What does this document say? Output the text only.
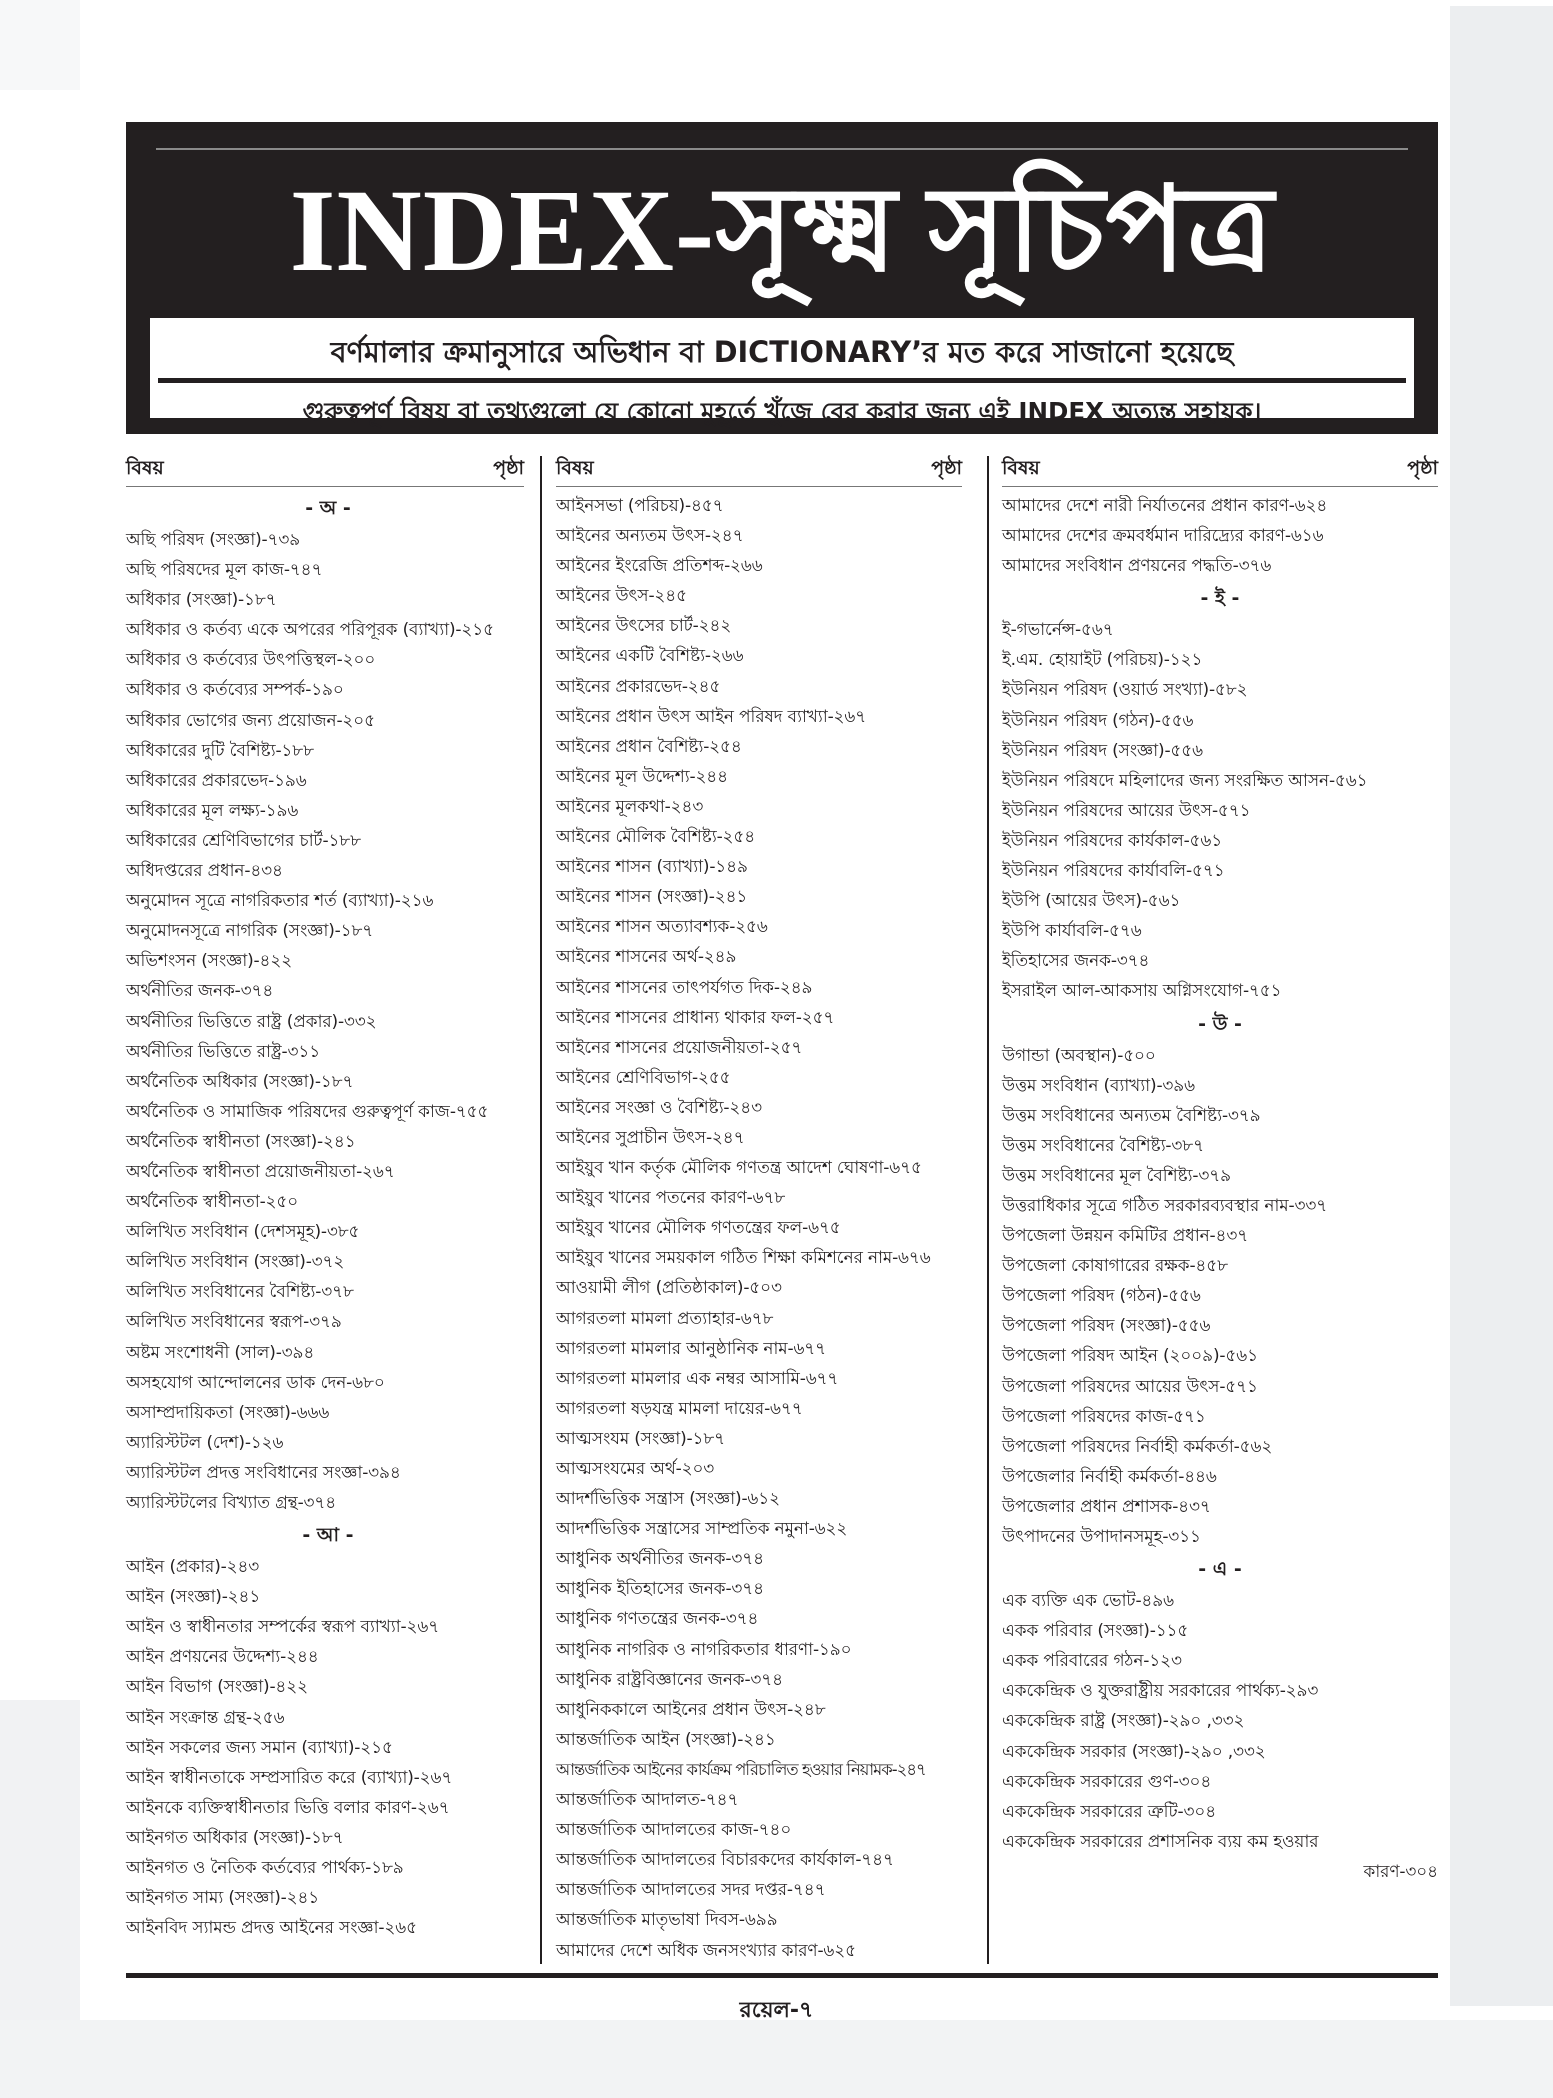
INDEX-সূক্ষ্ম সূচিপত্র
বর্ণমালার ক্রমানুসারে অভিধান বা DICTIONARY’র মত করে সাজানো হয়েছে
গুরুত্বপূর্ণ বিষয় বা তথ্যগুলো যে কোনো মুহূর্তে খুঁজে বের করার জন্য এই INDEX অত্যন্ত সহায়ক।
বিষয়	পৃষ্ঠা
- অ -
অছি পরিষদ (সংজ্ঞা)-৭৩৯
অছি পরিষদের মূল কাজ-৭৪৭
অধিকার (সংজ্ঞা)-১৮৭
অধিকার ও কর্তব্য একে অপরের পরিপূরক (ব্যাখ্যা)-২১৫
অধিকার ও কর্তব্যের উৎপত্তিস্থল-২০০
অধিকার ও কর্তব্যের সম্পর্ক-১৯০
অধিকার ভোগের জন্য প্রয়োজন-২০৫
অধিকারের দুটি বৈশিষ্ট্য-১৮৮
অধিকারের প্রকারভেদ-১৯৬
অধিকারের মূল লক্ষ্য-১৯৬
অধিকারের শ্রেণিবিভাগের চার্ট-১৮৮
অধিদপ্তরের প্রধান-৪৩৪
অনুমোদন সূত্রে নাগরিকতার শর্ত (ব্যাখ্যা)-২১৬
অনুমোদনসূত্রে নাগরিক (সংজ্ঞা)-১৮৭
অভিশংসন (সংজ্ঞা)-৪২২
অর্থনীতির জনক-৩৭৪
অর্থনীতির ভিত্তিতে রাষ্ট্র (প্রকার)-৩৩২
অর্থনীতির ভিত্তিতে রাষ্ট্র-৩১১
অর্থনৈতিক অধিকার (সংজ্ঞা)-১৮৭
অর্থনৈতিক ও সামাজিক পরিষদের গুরুত্বপূর্ণ কাজ-৭৫৫
অর্থনৈতিক স্বাধীনতা (সংজ্ঞা)-২৪১
অর্থনৈতিক স্বাধীনতা প্রয়োজনীয়তা-২৬৭
অর্থনৈতিক স্বাধীনতা-২৫০
অলিখিত সংবিধান (দেশসমূহ)-৩৮৫
অলিখিত সংবিধান (সংজ্ঞা)-৩৭২
অলিখিত সংবিধানের বৈশিষ্ট্য-৩৭৮
অলিখিত সংবিধানের স্বরূপ-৩৭৯
অষ্টম সংশোধনী (সাল)-৩৯৪
অসহযোগ আন্দোলনের ডাক দেন-৬৮০
অসাম্প্রদায়িকতা (সংজ্ঞা)-৬৬৬
অ্যারিস্টটল (দেশ)-১২৬
অ্যারিস্টটল প্রদত্ত সংবিধানের সংজ্ঞা-৩৯৪
অ্যারিস্টটলের বিখ্যাত গ্রন্থ-৩৭৪
- আ -
আইন (প্রকার)-২৪৩
আইন (সংজ্ঞা)-২৪১
আইন ও স্বাধীনতার সম্পর্কের স্বরূপ ব্যাখ্যা-২৬৭
আইন প্রণয়নের উদ্দেশ্য-২৪৪
আইন বিভাগ (সংজ্ঞা)-৪২২
আইন সংক্রান্ত গ্রন্থ-২৫৬
আইন সকলের জন্য সমান (ব্যাখ্যা)-২১৫
আইন স্বাধীনতাকে সম্প্রসারিত করে (ব্যাখ্যা)-২৬৭
আইনকে ব্যক্তিস্বাধীনতার ভিত্তি বলার কারণ-২৬৭
আইনগত অধিকার (সংজ্ঞা)-১৮৭
আইনগত ও নৈতিক কর্তব্যের পার্থক্য-১৮৯
আইনগত সাম্য (সংজ্ঞা)-২৪১
আইনবিদ স্যামন্ড প্রদত্ত আইনের সংজ্ঞা-২৬৫
বিষয়	পৃষ্ঠা
আইনসভা (পরিচয়)-৪৫৭
আইনের অন্যতম উৎস-২৪৭
আইনের ইংরেজি প্রতিশব্দ-২৬৬
আইনের উৎস-২৪৫
আইনের উৎসের চার্ট-২৪২
আইনের একটি বৈশিষ্ট্য-২৬৬
আইনের প্রকারভেদ-২৪৫
আইনের প্রধান উৎস আইন পরিষদ ব্যাখ্যা-২৬৭
আইনের প্রধান বৈশিষ্ট্য-২৫৪
আইনের মূল উদ্দেশ্য-২৪৪
আইনের মূলকথা-২৪৩
আইনের মৌলিক বৈশিষ্ট্য-২৫৪
আইনের শাসন (ব্যাখ্যা)-১৪৯
আইনের শাসন (সংজ্ঞা)-২৪১
আইনের শাসন অত্যাবশ্যক-২৫৬
আইনের শাসনের অর্থ-২৪৯
আইনের শাসনের তাৎপর্যগত দিক-২৪৯
আইনের শাসনের প্রাধান্য থাকার ফল-২৫৭
আইনের শাসনের প্রয়োজনীয়তা-২৫৭
আইনের শ্রেণিবিভাগ-২৫৫
আইনের সংজ্ঞা ও বৈশিষ্ট্য-২৪৩
আইনের সুপ্রাচীন উৎস-২৪৭
আইয়ুব খান কর্তৃক মৌলিক গণতন্ত্র আদেশ ঘোষণা-৬৭৫
আইয়ুব খানের পতনের কারণ-৬৭৮
আইয়ুব খানের মৌলিক গণতন্ত্রের ফল-৬৭৫
আইয়ুব খানের সময়কাল গঠিত শিক্ষা কমিশনের নাম-৬৭৬
আওয়ামী লীগ (প্রতিষ্ঠাকাল)-৫০৩
আগরতলা মামলা প্রত্যাহার-৬৭৮
আগরতলা মামলার আনুষ্ঠানিক নাম-৬৭৭
আগরতলা মামলার এক নম্বর আসামি-৬৭৭
আগরতলা ষড়যন্ত্র মামলা দায়ের-৬৭৭
আত্মসংযম (সংজ্ঞা)-১৮৭
আত্মসংযমের অর্থ-২০৩
আদর্শভিত্তিক সন্ত্রাস (সংজ্ঞা)-৬১২
আদর্শভিত্তিক সন্ত্রাসের সাম্প্রতিক নমুনা-৬২২
আধুনিক অর্থনীতির জনক-৩৭৪
আধুনিক ইতিহাসের জনক-৩৭৪
আধুনিক গণতন্ত্রের জনক-৩৭৪
আধুনিক নাগরিক ও নাগরিকতার ধারণা-১৯০
আধুনিক রাষ্ট্রবিজ্ঞানের জনক-৩৭৪
আধুনিককালে আইনের প্রধান উৎস-২৪৮
আন্তর্জাতিক আইন (সংজ্ঞা)-২৪১
আন্তর্জাতিক আইনের কার্যক্রম পরিচালিত হওয়ার নিয়ামক-২৪৭
আন্তর্জাতিক আদালত-৭৪৭
আন্তর্জাতিক আদালতের কাজ-৭৪০
আন্তর্জাতিক আদালতের বিচারকদের কার্যকাল-৭৪৭
আন্তর্জাতিক আদালতের সদর দপ্তর-৭৪৭
আন্তর্জাতিক মাতৃভাষা দিবস-৬৯৯
আমাদের দেশে অধিক জনসংখ্যার কারণ-৬২৫
বিষয়	পৃষ্ঠা
আমাদের দেশে নারী নির্যাতনের প্রধান কারণ-৬২৪
আমাদের দেশের ক্রমবর্ধমান দারিদ্র্যের কারণ-৬১৬
আমাদের সংবিধান প্রণয়নের পদ্ধতি-৩৭৬
- ই -
ই-গভার্নেন্স-৫৬৭
ই.এম. হোয়াইট (পরিচয়)-১২১
ইউনিয়ন পরিষদ (ওয়ার্ড সংখ্যা)-৫৮২
ইউনিয়ন পরিষদ (গঠন)-৫৫৬
ইউনিয়ন পরিষদ (সংজ্ঞা)-৫৫৬
ইউনিয়ন পরিষদে মহিলাদের জন্য সংরক্ষিত আসন-৫৬১
ইউনিয়ন পরিষদের আয়ের উৎস-৫৭১
ইউনিয়ন পরিষদের কার্যকাল-৫৬১
ইউনিয়ন পরিষদের কার্যাবলি-৫৭১
ইউপি (আয়ের উৎস)-৫৬১
ইউপি কার্যাবলি-৫৭৬
ইতিহাসের জনক-৩৭৪
ইসরাইল আল-আকসায় অগ্নিসংযোগ-৭৫১
- উ -
উগান্ডা (অবস্থান)-৫০০
উত্তম সংবিধান (ব্যাখ্যা)-৩৯৬
উত্তম সংবিধানের অন্যতম বৈশিষ্ট্য-৩৭৯
উত্তম সংবিধানের বৈশিষ্ট্য-৩৮৭
উত্তম সংবিধানের মূল বৈশিষ্ট্য-৩৭৯
উত্তরাধিকার সূত্রে গঠিত সরকারব্যবস্থার নাম-৩৩৭
উপজেলা উন্নয়ন কমিটির প্রধান-৪৩৭
উপজেলা কোষাগারের রক্ষক-৪৫৮
উপজেলা পরিষদ (গঠন)-৫৫৬
উপজেলা পরিষদ (সংজ্ঞা)-৫৫৬
উপজেলা পরিষদ আইন (২০০৯)-৫৬১
উপজেলা পরিষদের আয়ের উৎস-৫৭১
উপজেলা পরিষদের কাজ-৫৭১
উপজেলা পরিষদের নির্বাহী কর্মকর্তা-৫৬২
উপজেলার নির্বাহী কর্মকর্তা-৪৪৬
উপজেলার প্রধান প্রশাসক-৪৩৭
উৎপাদনের উপাদানসমূহ-৩১১
- এ -
এক ব্যক্তি এক ভোট-৪৯৬
একক পরিবার (সংজ্ঞা)-১১৫
একক পরিবারের গঠন-১২৩
এককেন্দ্রিক ও যুক্তরাষ্ট্রীয় সরকারের পার্থক্য-২৯৩
এককেন্দ্রিক রাষ্ট্র (সংজ্ঞা)-২৯০ ,৩৩২
এককেন্দ্রিক সরকার (সংজ্ঞা)-২৯০ ,৩৩২
এককেন্দ্রিক সরকারের গুণ-৩০৪
এককেন্দ্রিক সরকারের ত্রুটি-৩০৪
এককেন্দ্রিক সরকারের প্রশাসনিক ব্যয় কম হওয়ার
কারণ-৩০৪
রয়েল-৭
